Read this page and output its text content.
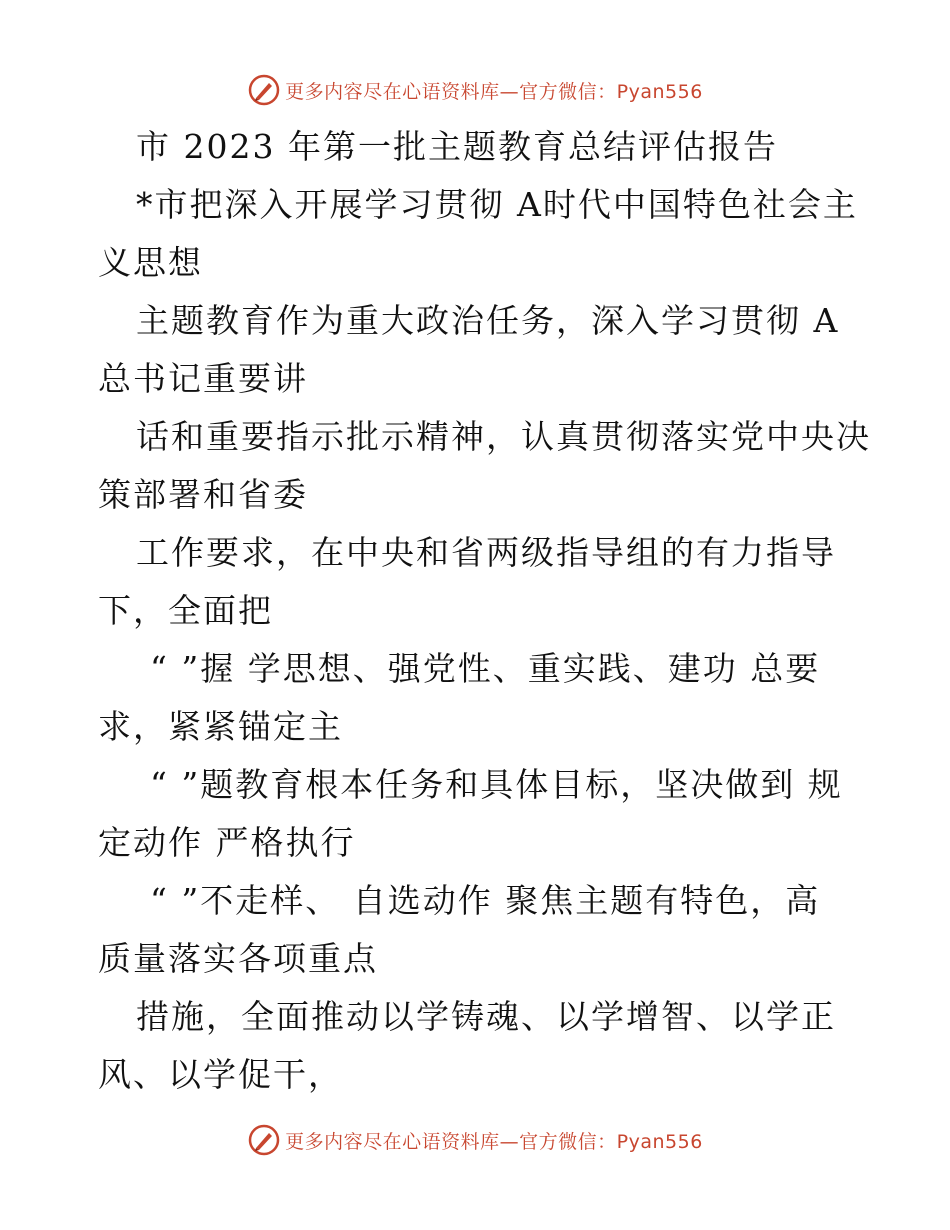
更多内容尽在心语资料库—官方微信：Pyan556
市 2023 年第一批主题教育总结评估报告
*市把深入开展学习贯彻 A时代中国特色社会主
义思想
主题教育作为重大政治任务，深入学习贯彻 A
总书记重要讲
话和重要指示批示精神，认真贯彻落实党中央决
策部署和省委
工作要求，在中央和省两级指导组的有力指导
下，全面把
“ ”握 学思想、强党性、重实践、建功 总要
求，紧紧锚定主
“ ”题教育根本任务和具体目标，坚决做到 规
定动作 严格执行
“ ”不走样、 自选动作 聚焦主题有特色，高
质量落实各项重点
措施，全面推动以学铸魂、以学增智、以学正
风、以学促干，
更多内容尽在心语资料库—官方微信：Pyan556
